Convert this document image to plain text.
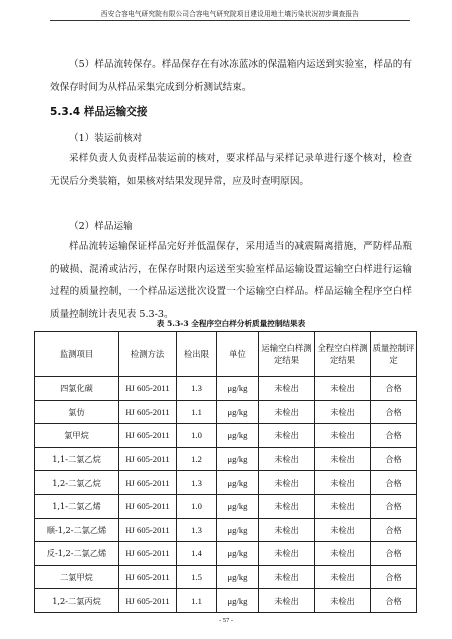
西安合容电气研究院有限公司合容电气研究院项目建设用地土壤污染状况初步调查报告
（5）样品流转保存。样品保存在有冰冻蓝冰的保温箱内运送到实验室，样品的有效保存时间为从样品采集完成到分析测试结束。
5.3.4 样品运输交接
（1）装运前核对
采样负责人负责样品装运前的核对，要求样品与采样记录单进行逐个核对，检查无误后分类装箱，如果核对结果发现异常，应及时查明原因。
（2）样品运输
样品流转运输保证样品完好并低温保存，采用适当的减震隔离措施，严防样品瓶的破损、混淆或沾污，在保存时限内运送至实验室样品运输设置运输空白样进行运输过程的质量控制，一个样品运送批次设置一个运输空白样品。样品运输全程序空白样质量控制统计表见表 5.3-3。
表 5.3-3 全程序空白样分析质量控制结果表
监测项目	检测方法	检出限	单位	运输空白样测定结果	全程空白样测定结果	质量控制评定
四氯化碳	HJ 605-2011	1.3	μg/kg	未检出	未检出	合格
氯仿	HJ 605-2011	1.1	μg/kg	未检出	未检出	合格
氯甲烷	HJ 605-2011	1.0	μg/kg	未检出	未检出	合格
1,1-二氯乙烷	HJ 605-2011	1.2	μg/kg	未检出	未检出	合格
1,2-二氯乙烷	HJ 605-2011	1.3	μg/kg	未检出	未检出	合格
1,1-二氯乙烯	HJ 605-2011	1.0	μg/kg	未检出	未检出	合格
顺-1,2-二氯乙烯	HJ 605-2011	1.3	μg/kg	未检出	未检出	合格
反-1,2-二氯乙烯	HJ 605-2011	1.4	μg/kg	未检出	未检出	合格
二氯甲烷	HJ 605-2011	1.5	μg/kg	未检出	未检出	合格
1,2-二氯丙烷	HJ 605-2011	1.1	μg/kg	未检出	未检出	合格
- 57 -
